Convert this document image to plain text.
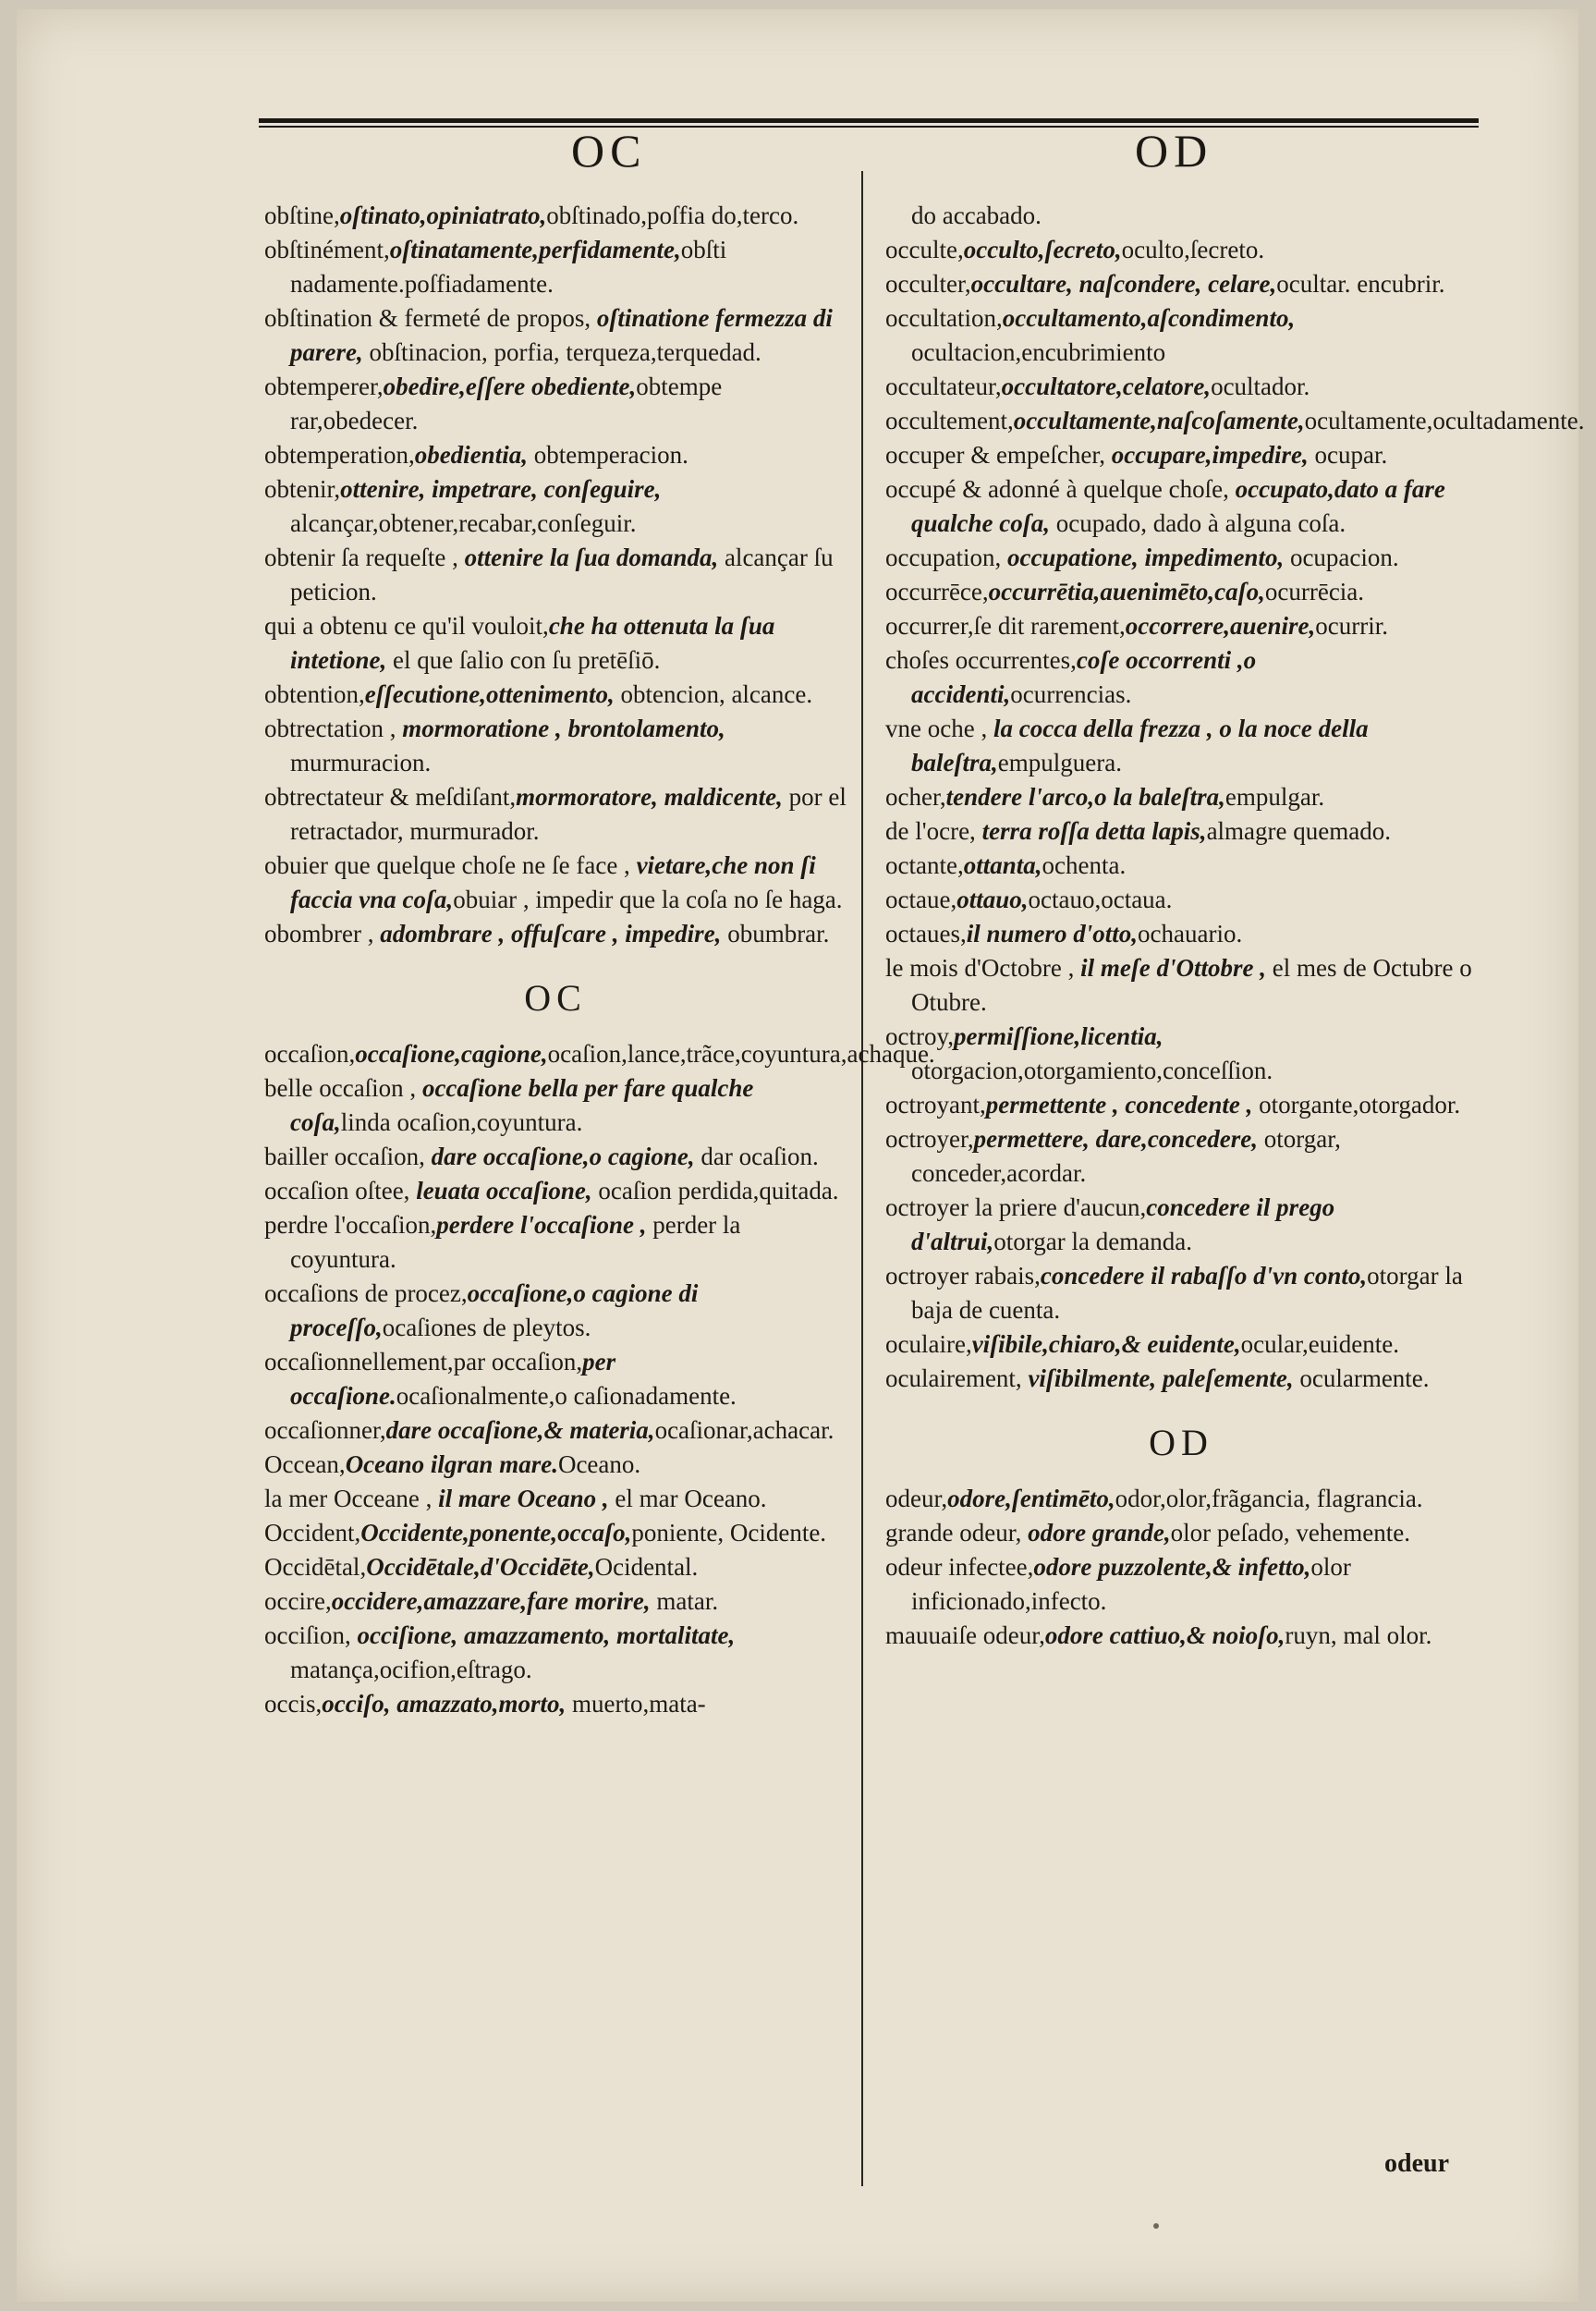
OC	OD

obſtine,oſtinato,opiniatrato,obſtinado,poſfia do,terco.

obſtinément,oſtinatamente,perfidamente,obſti nadamente.poſfiadamente.

obſtination & fermeté de propos, oſtinatione fermezza di parere, obſtinacion, porfia, terqueza,terquedad.

obtemperer,obedire,eſſere obediente,obtempe rar,obedecer.

obtemperation,obedientia, obtemperacion.

obtenir,ottenire, impetrare, conſeguire, alcançar,obtener,recabar,conſeguir.

obtenir ſa requeſte , ottenire la ſua domanda, alcançar ſu peticion.

qui a obtenu ce qu'il vouloit,che ha ottenuta la ſua intetione, el que ſalio con ſu pretēſiō.

obtention,eſſecutione,ottenimento, obtencion, alcance.

obtrectation , mormoratione , brontolamento, murmuracion.

obtrectateur & meſdiſant,mormoratore, maldicente, por el retractador, murmurador.

obuier que quelque choſe ne ſe face , vietare,che non ſi faccia vna coſa,obuiar , impedir que la coſa no ſe haga.

obombrer , adombrare , offuſcare , impedire, obumbrar.

OC

occaſion,occaſione,cagione,ocaſion,lance,trãce,coyuntura,achaque.

belle occaſion , occaſione bella per fare qualche coſa,linda ocaſion,coyuntura.

bailler occaſion, dare occaſione,o cagione, dar ocaſion.

occaſion oſtee, leuata occaſione, ocaſion perdida,quitada.

perdre l'occaſion,perdere l'occaſione , perder la coyuntura.

occaſions de procez,occaſione,o cagione di proceſſo,ocaſiones de pleytos.

occaſionnellement,par occaſion,per occaſione.ocaſionalmente,o caſionadamente.

occaſionner,dare occaſione,& materia,ocaſionar,achacar.

Occean,Oceano ilgran mare.Oceano.

la mer Occeane , il mare Oceano , el mar Oceano.

Occident,Occidente,ponente,occaſo,poniente, Ocidente.

Occidētal,Occidētale,d'Occidēte,Ocidental.

occire,occidere,amazzare,fare morire, matar.

occiſion, occiſione, amazzamento, mortalitate, matança,ocifion,eſtrago.

occis,occiſo, amazzato,morto, muerto,mata-

do accabado.

occulte,occulto,ſecreto,oculto,ſecreto.

occulter,occultare, naſcondere, celare,ocultar. encubrir.

occultation,occultamento,aſcondimento, ocultacion,encubrimiento

occultateur,occultatore,celatore,ocultador.

occultement,occultamente,naſcoſamente,ocultamente,ocultadamente.

occuper & empeſcher, occupare,impedire, ocupar.

occupé & adonné à quelque choſe, occupato,dato a fare qualche coſa, ocupado, dado à alguna coſa.

occupation, occupatione, impedimento, ocupacion.

occurrēce,occurrētia,auenimēto,caſo,ocurrēcia.

occurrer,ſe dit rarement,occorrere,auenire,ocurrir.

choſes occurrentes,coſe occorrenti ,o accidenti,ocurrencias.

vne oche , la cocca della frezza , o la noce della baleſtra,empulguera.

ocher,tendere l'arco,o la baleſtra,empulgar.

de l'ocre, terra roſſa detta lapis,almagre quemado.

octante,ottanta,ochenta.

octaue,ottauo,octauo,octaua.

octaues,il numero d'otto,ochauario.

le mois d'Octobre , il meſe d'Ottobre , el mes de Octubre o Otubre.

octroy,permiſſione,licentia, otorgacion,otorgamiento,conceſſion.

octroyant,permettente , concedente , otorgante,otorgador.

octroyer,permettere, dare,concedere, otorgar, conceder,acordar.

octroyer la priere d'aucun,concedere il prego d'altrui,otorgar la demanda.

octroyer rabais,concedere il rabaſſo d'vn conto,otorgar la baja de cuenta.

oculaire,viſibile,chiaro,& euidente,ocular,euidente.

oculairement, viſibilmente, paleſemente, ocularmente.

OD

odeur,odore,ſentimēto,odor,olor,frãgancia, flagrancia.

grande odeur, odore grande,olor peſado, vehemente.

odeur infectee,odore puzzolente,& infetto,olor inficionado,infecto.

mauuaiſe odeur,odore cattiuo,& noioſo,ruyn, mal olor.

odeur
